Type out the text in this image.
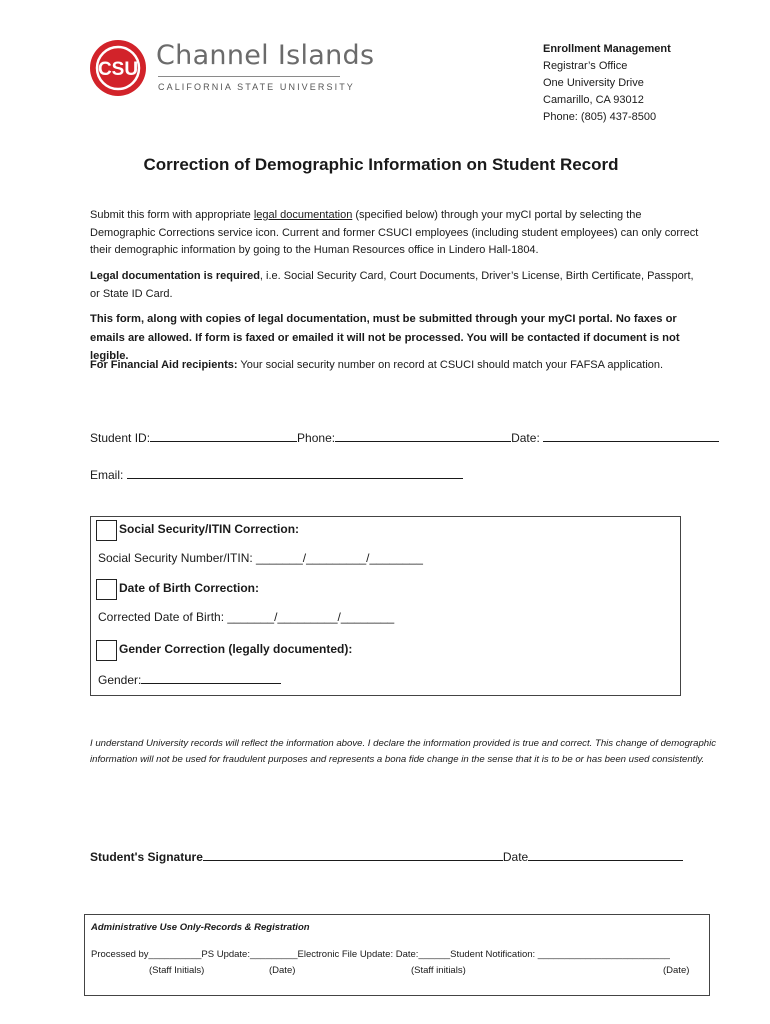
CSU Channel Islands
CALIFORNIA STATE UNIVERSITY
Enrollment Management
Registrar’s Office
One University Drive
Camarillo, CA 93012
Phone: (805) 437-8500
Correction of Demographic Information on Student Record

Submit this form with appropriate legal documentation (specified below) through your myCI portal by selecting the Demographic Corrections service icon. Current and former CSUCI employees (including student employees) can only correct their demographic information by going to the Human Resources office in Lindero Hall-1804.

Legal documentation is required, i.e. Social Security Card, Court Documents, Driver’s License, Birth Certificate, Passport, or State ID Card.

This form, along with copies of legal documentation, must be submitted through your myCI portal. No faxes or emails are allowed. If form is faxed or emailed it will not be processed. You will be contacted if document is not legible.

For Financial Aid recipients: Your social security number on record at CSUCI should match your FAFSA application.

Student ID:	Phone:	Date:
Email:
Social Security/ITIN Correction:
Social Security Number/ITIN: _______/_________/________
Date of Birth Correction:
Corrected Date of Birth: _______/_________/________
Gender Correction (legally documented):
Gender:

I understand University records will reflect the information above. I declare the information provided is true and correct. This change of demographic information will not be used for fraudulent purposes and represents a bona fide change in the sense that it is to be or has been used consistently.

Student's Signature	Date
Administrative Use Only-Records & Registration
Processed by__________PS Update:_________Electronic File Update: Date:______Student Notification: _________________________
(Staff Initials)	(Date)	(Staff initials)	(Date)
